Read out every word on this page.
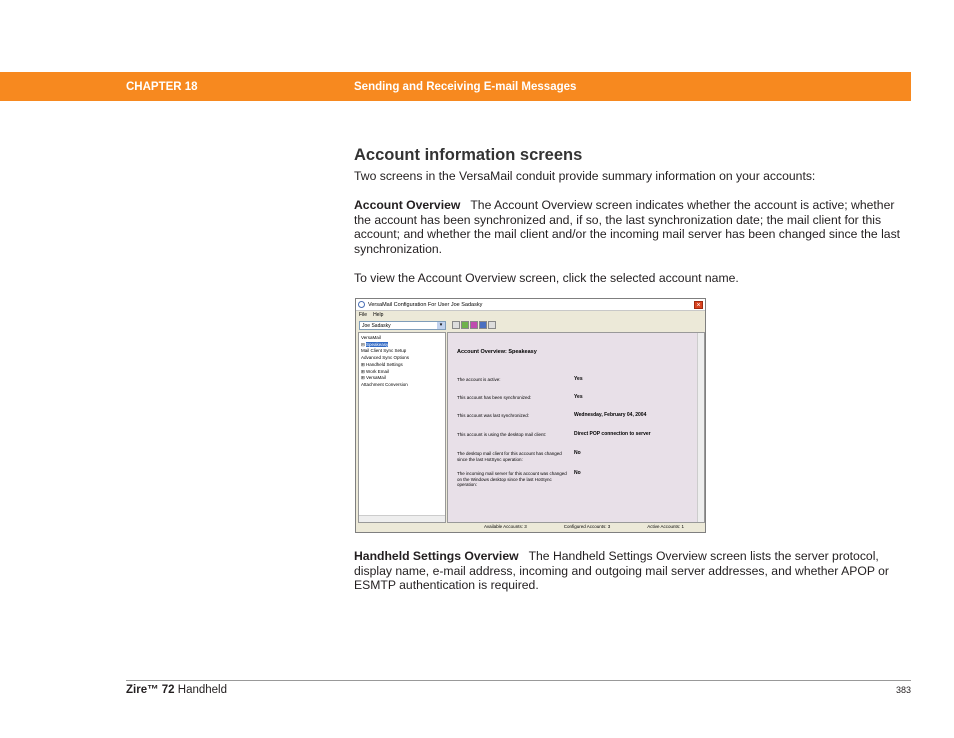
CHAPTER 18	Sending and Receiving E-mail Messages
Account information screens

Two screens in the VersaMail conduit provide summary information on your accounts:

Account Overview The Account Overview screen indicates whether the account is active; whether the account has been synchronized and, if so, the last synchronization date; the mail client for this account; and whether the mail client and/or the incoming mail server has been changed since the last synchronization.

To view the Account Overview screen, click the selected account name.

VersaMail Configuration For User Joe Sadasky	×
File Help
Joe Sadasky	▾
VersaMail
⊟ Speakeasy
Mail Client Sync Setup
Advanced Sync Options
⊞ Handheld Settings
⊞ Work Email
⊞ VersaMail
Attachment Conversion
Account Overview: Speakeasy
The account is active:	Yes
This account has been synchronized:	Yes
This account was last synchronized:	Wednesday, February 04, 2004
This account is using the desktop mail client:	Direct POP connection to server
The desktop mail client for this account has changed since the last HotSync operation:
No
The incoming mail server for this account was changed on the Windows desktop since the last HotSync operation:
No
Available Accounts: 3	Configured Accounts: 3	Active Accounts: 1
Handheld Settings Overview The Handheld Settings Overview screen lists the server protocol, display name, e-mail address, incoming and outgoing mail server addresses, and whether APOP or ESMTP authentication is required.
Zire™ 72 Handheld	383
